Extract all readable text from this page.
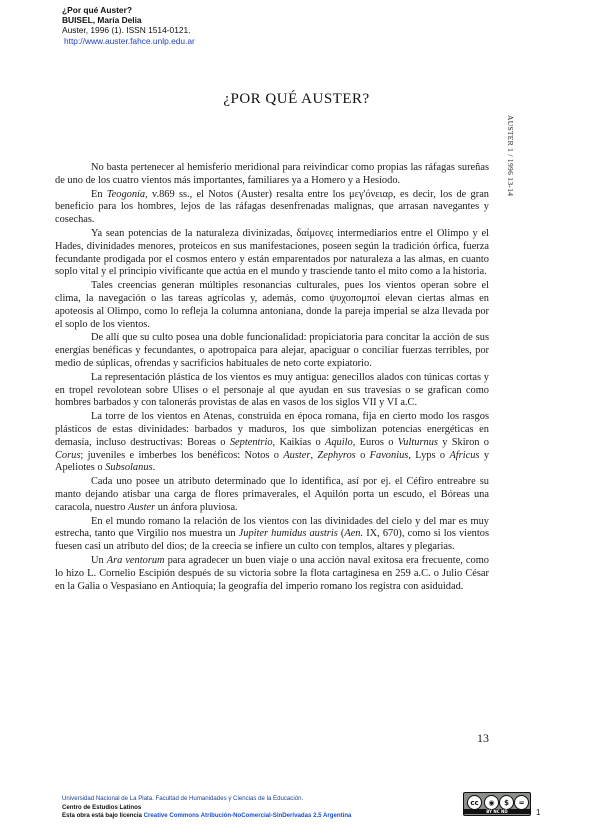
¿Por qué Auster?
BUISEL, María Delia
Auster, 1996 (1). ISSN 1514-0121.
http://www.auster.fahce.unlp.edu.ar
¿POR QUÉ AUSTER?
AUSTER 1 / 1996 13-14

No basta pertenecer al hemisferio meridional para reivindicar como propias las ráfagas sureñas de uno de los cuatro vientos más importantes, familiares ya a Homero y a Hesíodo.

En Teogonía, v.869 ss., el Notos (Auster) resalta entre los μεγ'όνειαρ, es decir, los de gran beneficio para los hombres, lejos de las ráfagas desenfrenadas malignas, que arrasan navegantes y cosechas.

Ya sean potencias de la naturaleza divinizadas, δαίμονες intermediarios entre el Olimpo y el Hades, divinidades menores, proteicos en sus manifestaciones, poseen según la tradición órfica, fuerza fecundante prodigada por el cosmos entero y están emparentados por naturaleza a las almas, en cuanto soplo vital y el principio vivificante que actúa en el mundo y trasciende tanto el mito como a la historia.

Tales creencias generan múltiples resonancias culturales, pues los vientos operan sobre el clima, la navegación o las tareas agrícolas y, además, como ψυχοπομποί elevan ciertas almas en apoteosis al Olimpo, como lo refleja la columna antoniana, donde la pareja imperial se alza llevada por el soplo de los vientos.

De allí que su culto posea una doble funcionalidad: propiciatoria para concitar la acción de sus energías benéficas y fecundantes, o apotropaica para alejar, apaciguar o conciliar fuerzas terribles, por medio de súplicas, ofrendas y sacrificios habituales de neto corte expiatorio.

La representación plástica de los vientos es muy antigua: genecillos alados con túnicas cortas y en tropel revolotean sobre Ulises o el personaje al que ayudan en sus travesías o se grafican como hombres barbados y con talonerás provistas de alas en vasos de los siglos VII y VI a.C.

La torre de los vientos en Atenas, construida en época romana, fija en cierto modo los rasgos plásticos de estas divinidades: barbados y maduros, los que simbolizan potencias energéticas en demasía, incluso destructivas: Boreas o Septentrio, Kaikias o Aquilo, Euros o Vulturnus y Skiron o Corus; juveniles e imberbes los benéficos: Notos o Auster, Zephyros o Favonius, Lyps o Africus y Apeliotes o Subsolanus.

Cada uno posee un atributo determinado que lo identifica, así por ej. el Céfiro entreabre su manto dejando atisbar una carga de flores primaverales, el Aquilón porta un escudo, el Bóreas una caracola, nuestro Auster un ánfora pluviosa.

En el mundo romano la relación de los vientos con las divinidades del cielo y del mar es muy estrecha, tanto que Virgilio nos muestra un Jupiter humidus austris (Aen. IX, 670), como si los vientos fuesen casi un atributo del dios; de la creecia se infiere un culto con templos, altares y plegarias.

Un Ara ventorum para agradecer un buen viaje o una acción naval exitosa era frecuente, como lo hizo L. Cornelio Escipión después de su victoria sobre la flota cartaginesa en 259 a.C. o Julio César en la Galia o Vespasiano en Antioquía; la geografía del imperio romano los registra con asiduidad.

13
Universidad Nacional de La Plata. Facultad de Humanidades y Ciencias de la Educación.
Centro de Estudios Latinos
Esta obra está bajo licencia Creative Commons Atribución-NoComercial-SinDerivadas 2.5 Argentina
cc	◉	$	=
BY NC ND	1
